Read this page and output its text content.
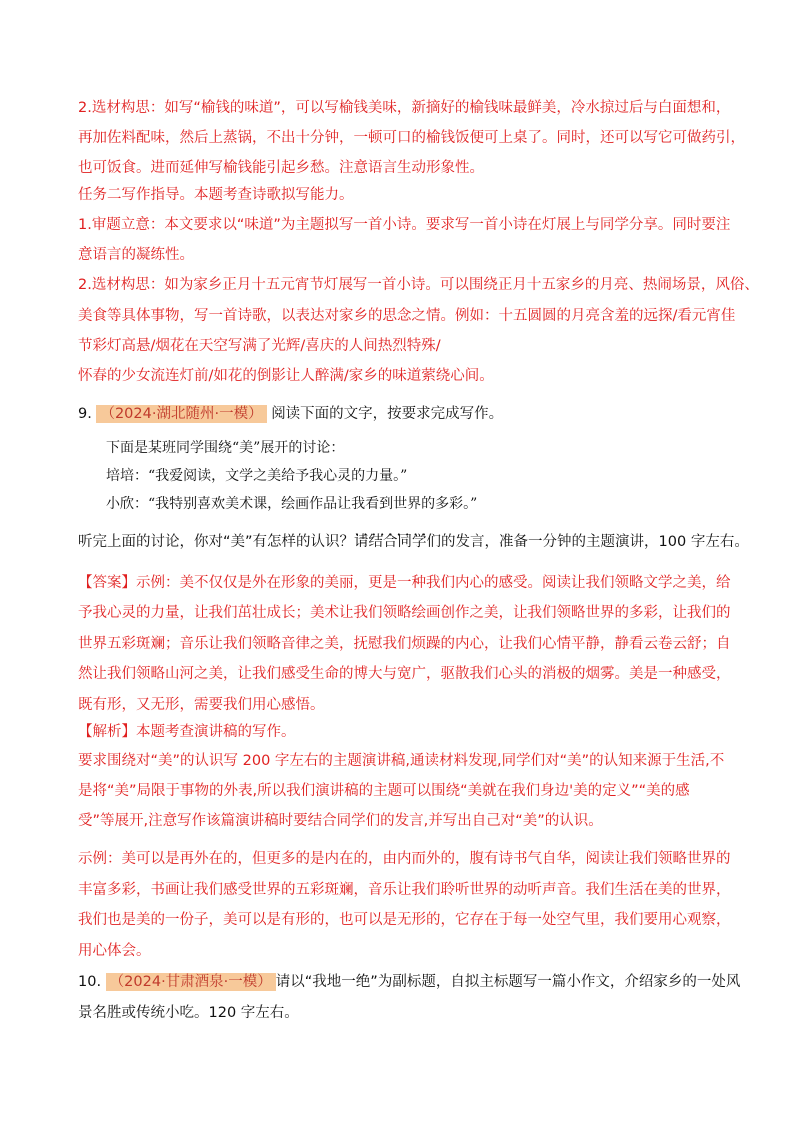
2.选材构思：如写“榆钱的味道”，可以写榆钱美味，新摘好的榆钱味最鲜美，冷水掠过后与白面想和，
再加佐料配味，然后上蒸锅，不出十分钟，一顿可口的榆钱饭便可上桌了。同时，还可以写它可做药引，
也可饭食。进而延伸写榆钱能引起乡愁。注意语言生动形象性。
任务二写作指导。本题考查诗歌拟写能力。
1.审题立意：本文要求以“味道”为主题拟写一首小诗。要求写一首小诗在灯展上与同学分享。同时要注
意语言的凝练性。
2.选材构思：如为家乡正月十五元宵节灯展写一首小诗。可以围绕正月十五家乡的月亮、热闹场景，风俗、
美食等具体事物，写一首诗歌，以表达对家乡的思念之情。例如：十五圆圆的月亮含羞的远探/看元宵佳
节彩灯高悬/烟花在天空写满了光辉/喜庆的人间热烈特殊/
怀春的少女流连灯前/如花的倒影让人醉满/家乡的味道萦绕心间。
9. （2024·湖北随州·一模） 阅读下面的文字，按要求完成写作。
下面是某班同学围绕“美”展开的讨论：
培培：“我爱阅读，文学之美给予我心灵的力量。”
小欣：“我特别喜欢美术课，绘画作品让我看到世界的多彩。”
听完上面的讨论，你对“美”有怎样的认识？请结合同学们的发言 • • •，准备一分钟的主题演讲，100 字左右。
【答案】示例：美不仅仅是外在形象的美丽，更是一种我们内心的感受。阅读让我们领略文学之美，给
予我心灵的力量，让我们茁壮成长；美术让我们领略绘画创作之美，让我们领略世界的多彩，让我们的
世界五彩斑斓；音乐让我们领略音律之美，抚慰我们烦躁的内心，让我们心情平静，静看云卷云舒；自
然让我们领略山河之美，让我们感受生命的博大与宽广，驱散我们心头的消极的烟雾。美是一种感受，
既有形，又无形，需要我们用心感悟。
【解析】本题考查演讲稿的写作。
要求围绕对“美”的认识写 200 字左右的主题演讲稿,通读材料发现,同学们对“美”的认知来源于生活,不
是将“美”局限于事物的外表,所以我们演讲稿的主题可以围绕“美就在我们身边'美的定义”“美的感
受”等展开,注意写作该篇演讲稿时要结合同学们的发言,并写出自己对“美”的认识。
示例：美可以是再外在的，但更多的是内在的，由内而外的，腹有诗书气自华，阅读让我们领略世界的
丰富多彩，书画让我们感受世界的五彩斑斓，音乐让我们聆听世界的动听声音。我们生活在美的世界，
我们也是美的一份子，美可以是有形的，也可以是无形的，它存在于每一处空气里，我们要用心观察，
用心体会。
10. （2024·甘肃酒泉·一模） 请以“我地一绝”为副标题，自拟主标题写一篇小作文，介绍家乡的一处风
景名胜或传统小吃。120 字左右。
